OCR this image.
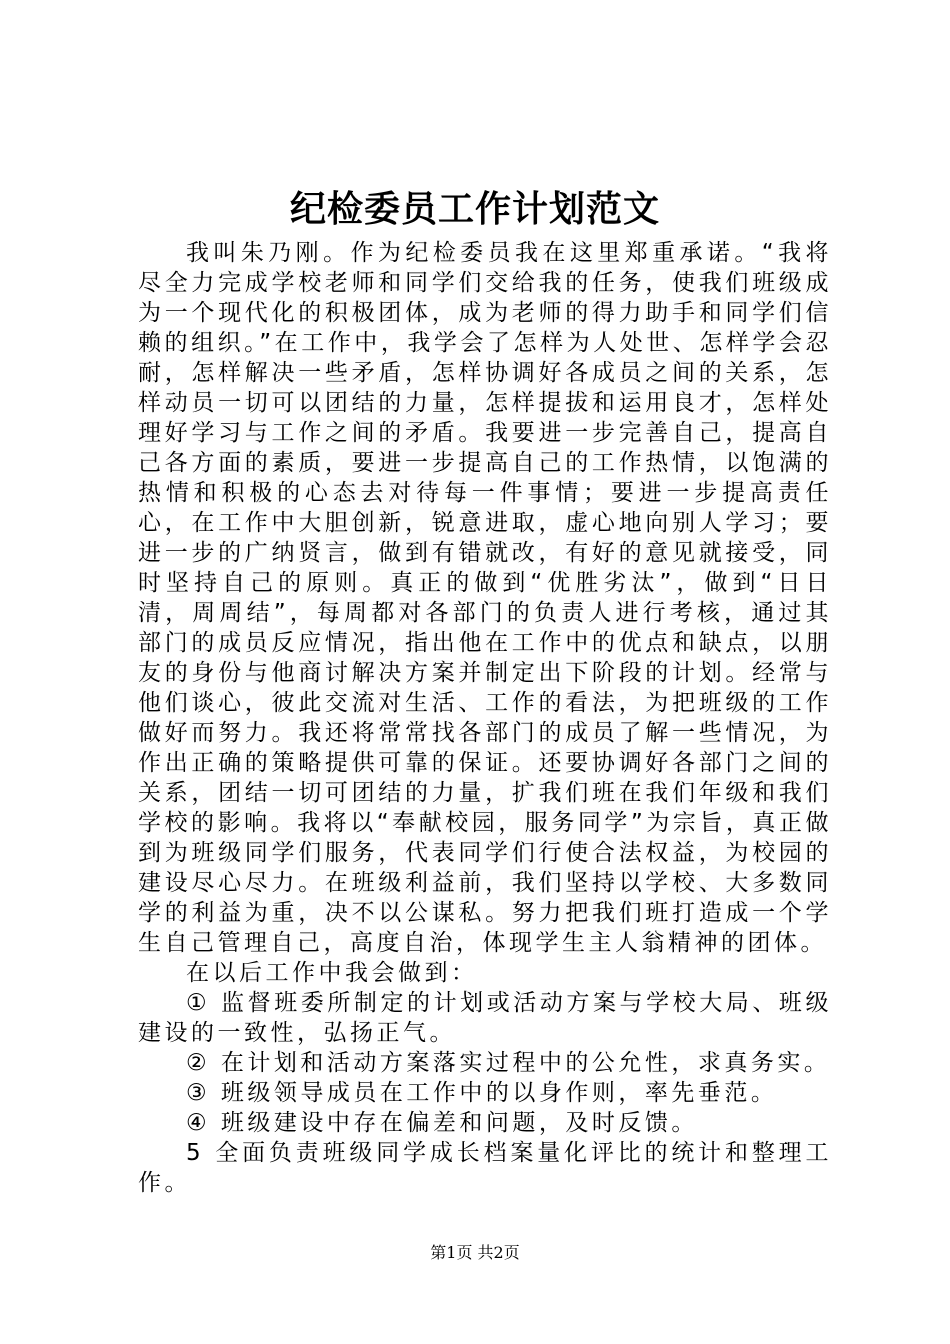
纪检委员工作计划范文

我叫朱乃刚。作为纪检委员我在这里郑重承诺。“我将尽全力完成学校老师和同学们交给我的任务，使我们班级成为一个现代化的积极团体，成为老师的得力助手和同学们信赖的组织。”在工作中，我学会了怎样为人处世、怎样学会忍耐，怎样解决一些矛盾，怎样协调好各成员之间的关系，怎样动员一切可以团结的力量，怎样提拔和运用良才，怎样处理好学习与工作之间的矛盾。我要进一步完善自己，提高自己各方面的素质，要进一步提高自己的工作热情，以饱满的热情和积极的心态去对待每一件事情；要进一步提高责任心，在工作中大胆创新，锐意进取，虚心地向别人学习；要进一步的广纳贤言，做到有错就改，有好的意见就接受，同时坚持自己的原则。真正的做到“优胜劣汰”，做到“日日清，周周结”，每周都对各部门的负责人进行考核，通过其部门的成员反应情况，指出他在工作中的优点和缺点，以朋友的身份与他商讨解决方案并制定出下阶段的计划。经常与他们谈心，彼此交流对生活、工作的看法，为把班级的工作做好而努力。我还将常常找各部门的成员了解一些情况，为作出正确的策略提供可靠的保证。还要协调好各部门之间的关系，团结一切可团结的力量，扩我们班在我们年级和我们学校的影响。我将以“奉献校园，服务同学”为宗旨，真正做到为班级同学们服务，代表同学们行使合法权益，为校园的建设尽心尽力。在班级利益前，我们坚持以学校、大多数同学的利益为重，决不以公谋私。努力把我们班打造成一个学生自己管理自己，高度自治，体现学生主人翁精神的团体。

在以后工作中我会做到：

① 监督班委所制定的计划或活动方案与学校大局、班级建设的一致性，弘扬正气。

② 在计划和活动方案落实过程中的公允性，求真务实。

③ 班级领导成员在工作中的以身作则，率先垂范。

④ 班级建设中存在偏差和问题，及时反馈。

5 全面负责班级同学成长档案量化评比的统计和整理工作。

第1页 共2页
